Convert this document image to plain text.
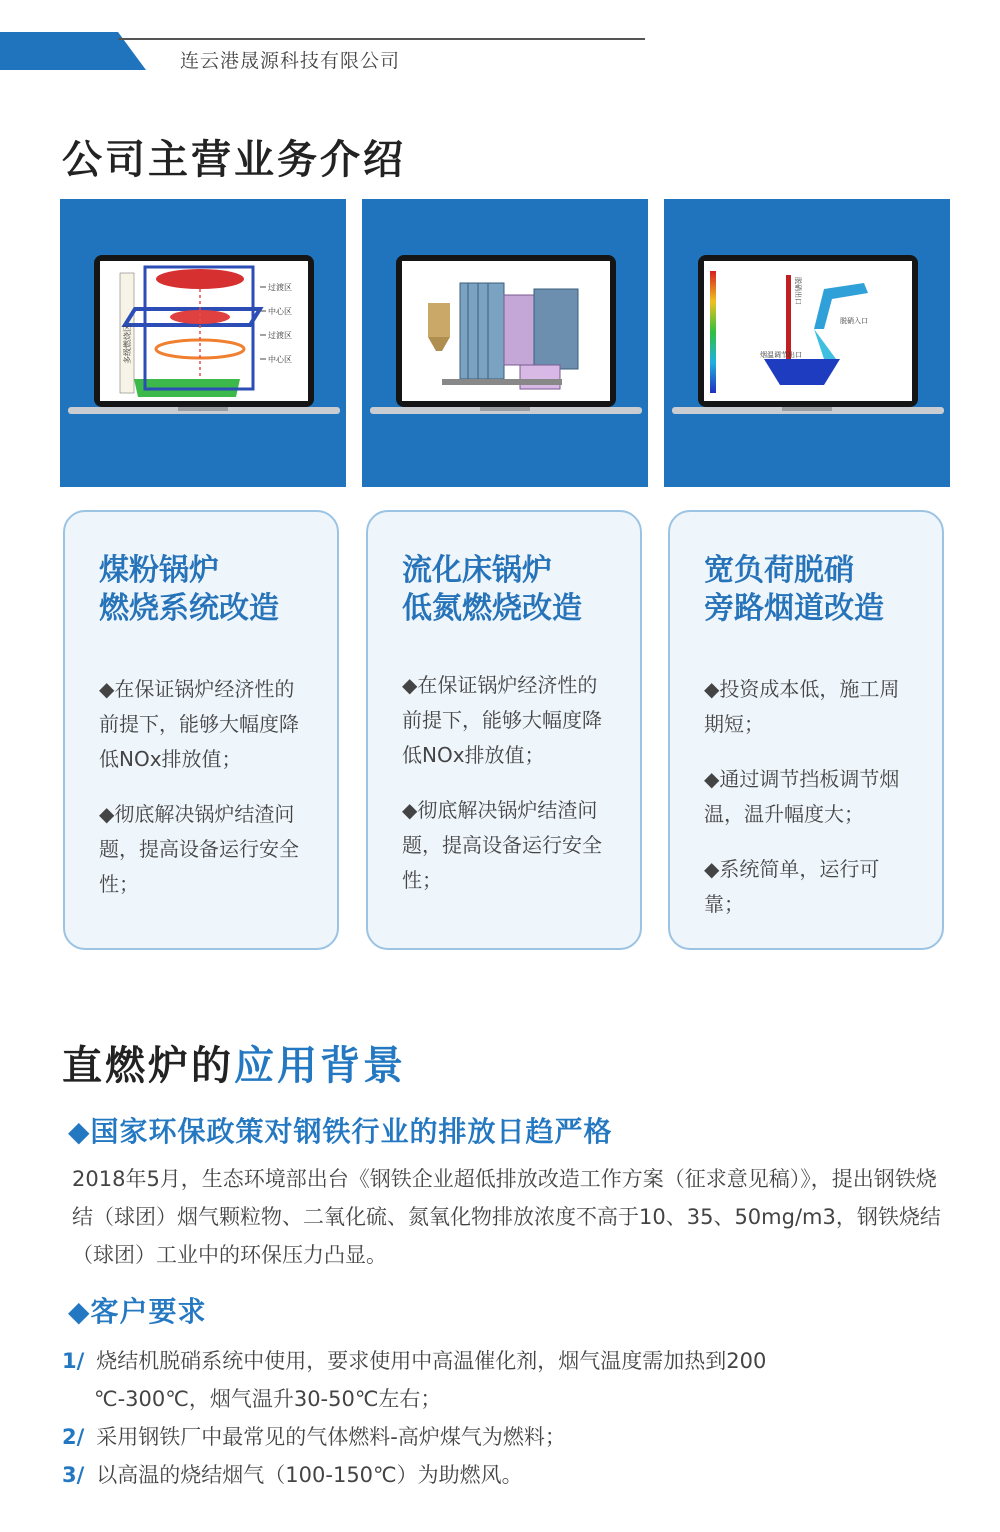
连云港晟源科技有限公司
公司主营业务介绍
过渡区
中心区
过渡区
中心区
多级燃烧区
脱硝出口
脱硝入口
烟温调节出口
煤粉锅炉
燃烧系统改造
◆在保证锅炉经济性的前提下，能够大幅度降低NOx排放值；
◆彻底解决锅炉结渣问题，提高设备运行安全性；
流化床锅炉
低氮燃烧改造
◆在保证锅炉经济性的前提下，能够大幅度降低NOx排放值；
◆彻底解决锅炉结渣问题，提高设备运行安全性；
宽负荷脱硝
旁路烟道改造
◆投资成本低，施工周期短；
◆通过调节挡板调节烟温，温升幅度大；
◆系统简单，运行可靠；
直燃炉的应用背景
◆国家环保政策对钢铁行业的排放日趋严格
2018年5月，生态环境部出台《钢铁企业超低排放改造工作方案（征求意见稿）》，提出钢铁烧结（球团）烟气颗粒物、二氧化硫、氮氧化物排放浓度不高于10、35、50mg/m3，钢铁烧结（球团）工业中的环保压力凸显。
◆客户要求
1/ 烧结机脱硝系统中使用，要求使用中高温催化剂，烟气温度需加热到200
℃-300℃，烟气温升30-50℃左右；
2/ 采用钢铁厂中最常见的气体燃料-高炉煤气为燃料；
3/ 以高温的烧结烟气（100-150℃）为助燃风。
